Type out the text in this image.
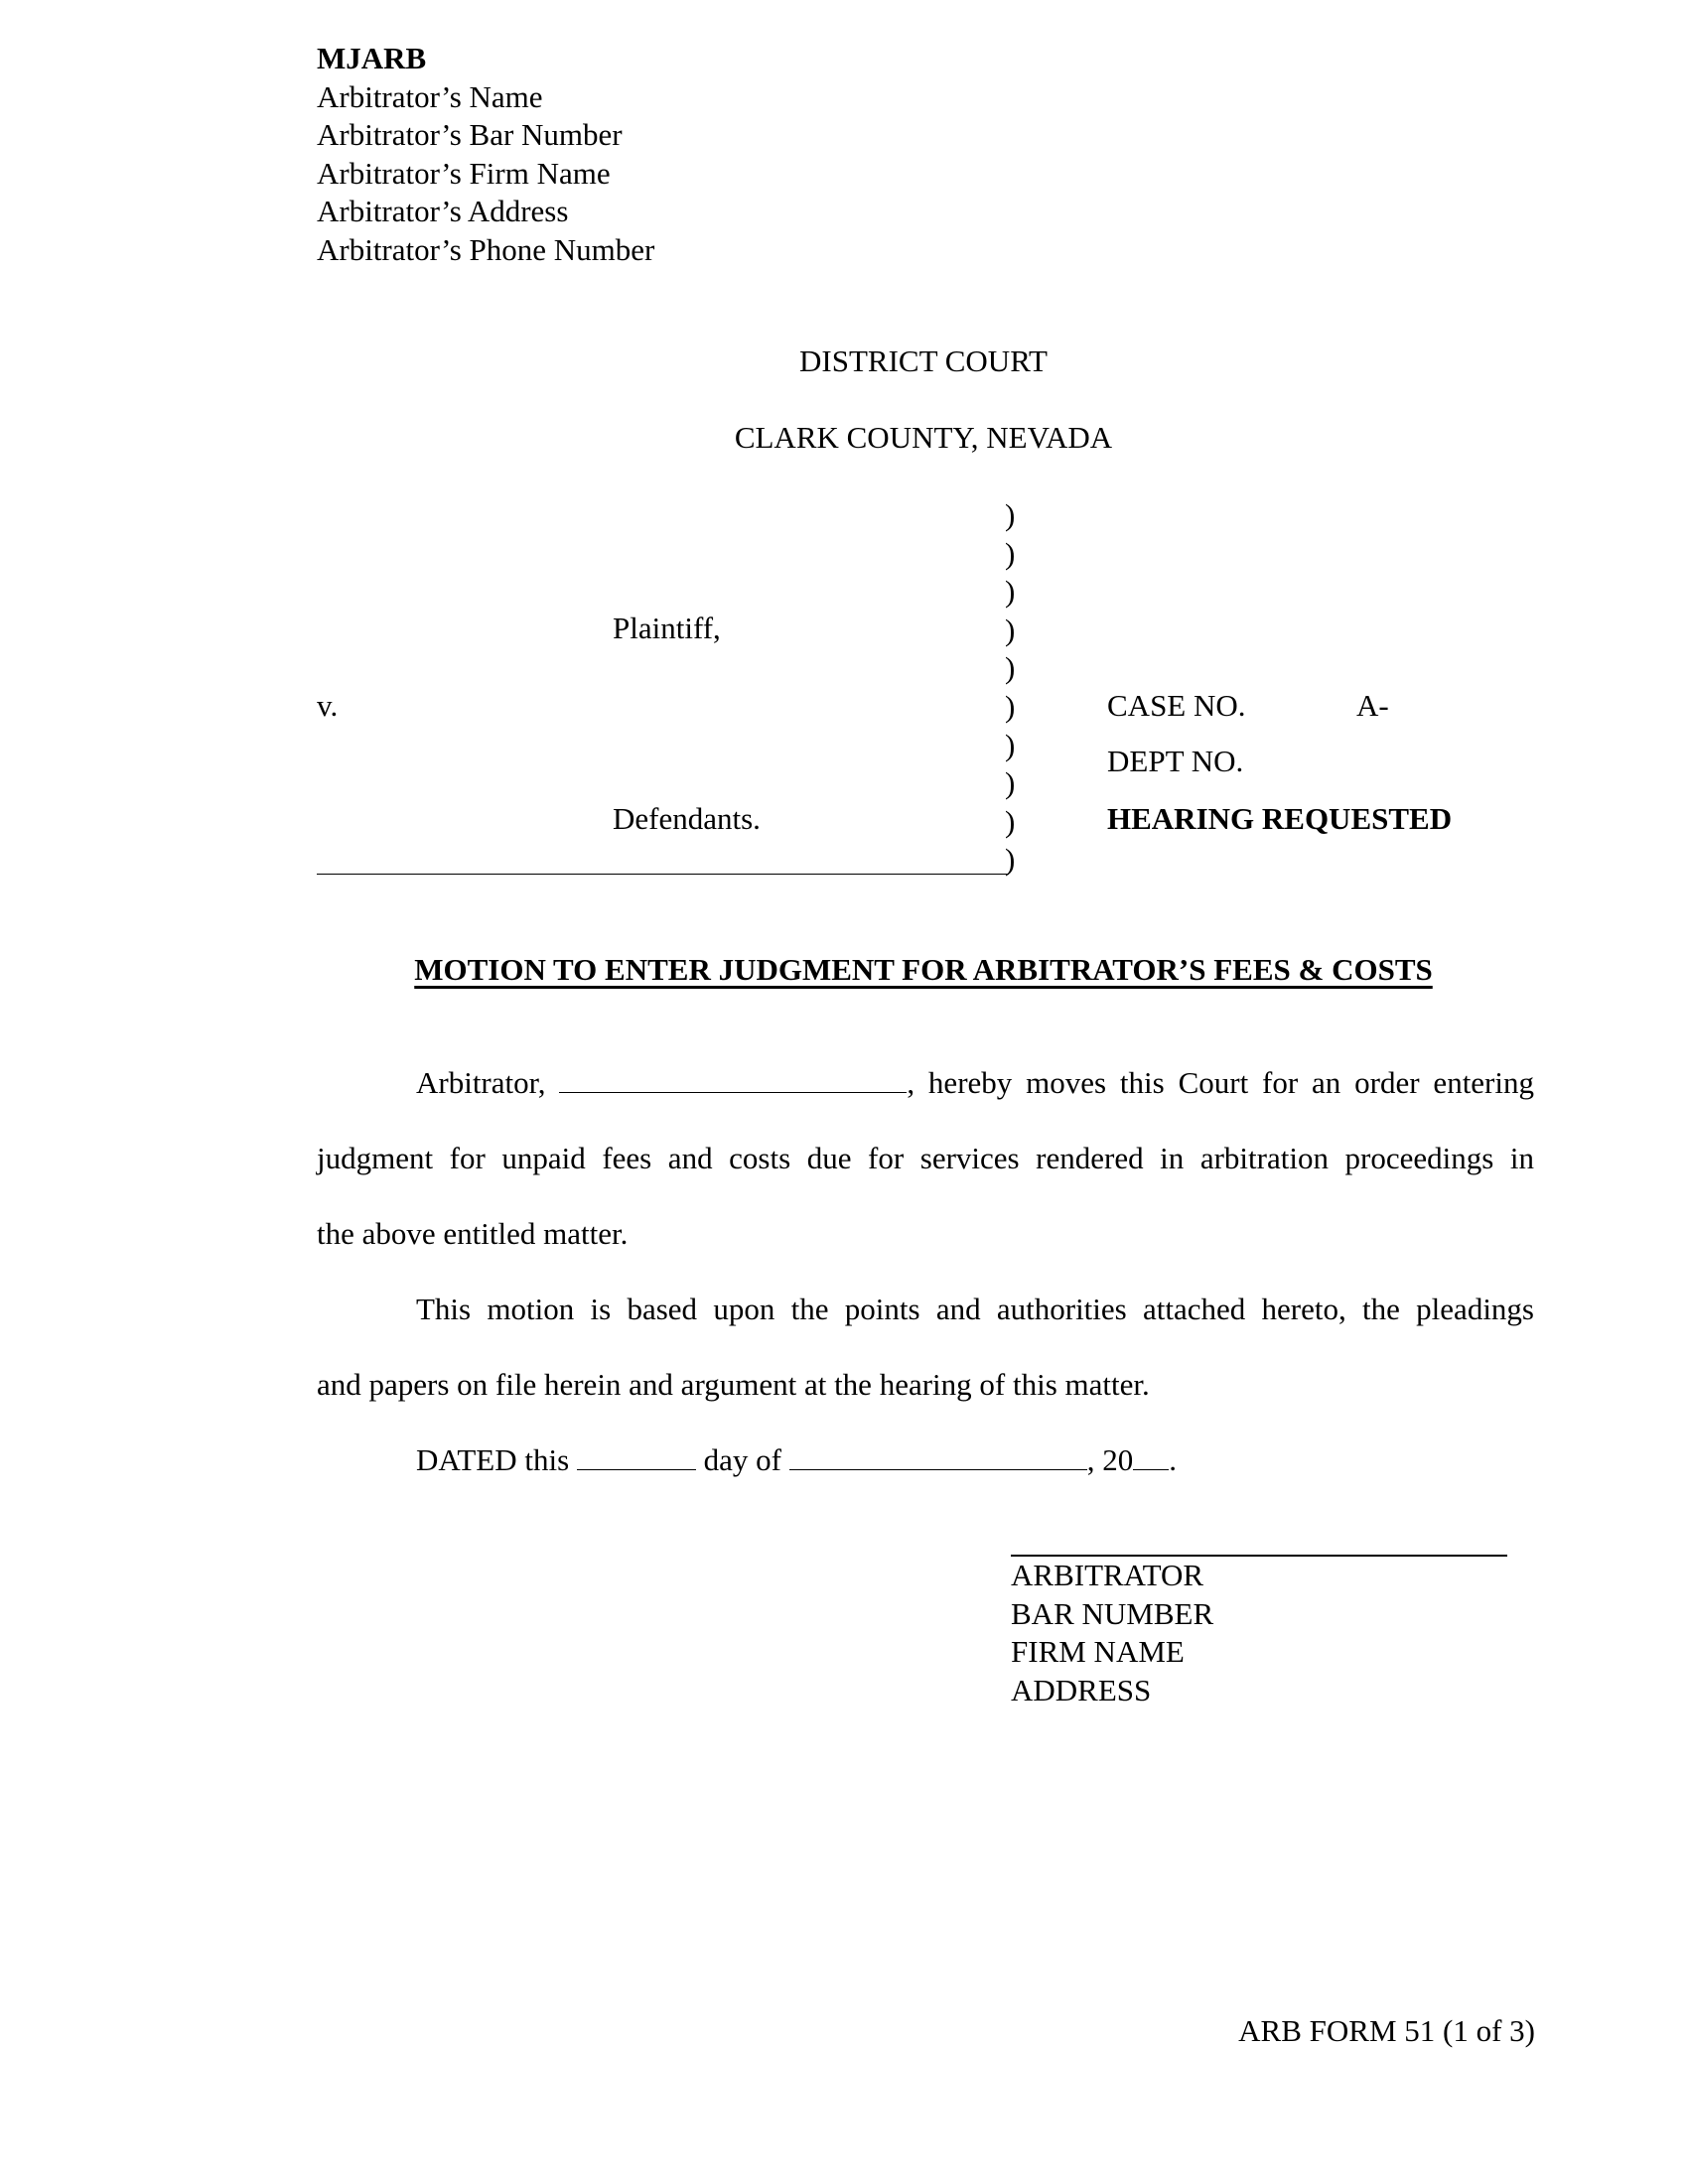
MJARB
Arbitrator’s Name
Arbitrator’s Bar Number
Arbitrator’s Firm Name
Arbitrator’s Address
Arbitrator’s Phone Number
DISTRICT COURT
CLARK COUNTY, NEVADA
Plaintiff,
v.
Defendants.
)
)
)
)
)
)
)
)
)
)
CASE NO.	A-
DEPT NO.
HEARING REQUESTED
MOTION TO ENTER JUDGMENT FOR ARBITRATOR’S FEES & COSTS
Arbitrator,	, hereby moves this Court for an order entering
judgment for unpaid fees and costs due for services rendered in arbitration proceedings in
the above entitled matter.
This motion is based upon the points and authorities attached hereto, the pleadings
and papers on file herein and argument at the hearing of this matter.
DATED this	day of	, 20 .
ARBITRATOR
BAR NUMBER
FIRM NAME
ADDRESS
ARB FORM 51 (1 of 3)
